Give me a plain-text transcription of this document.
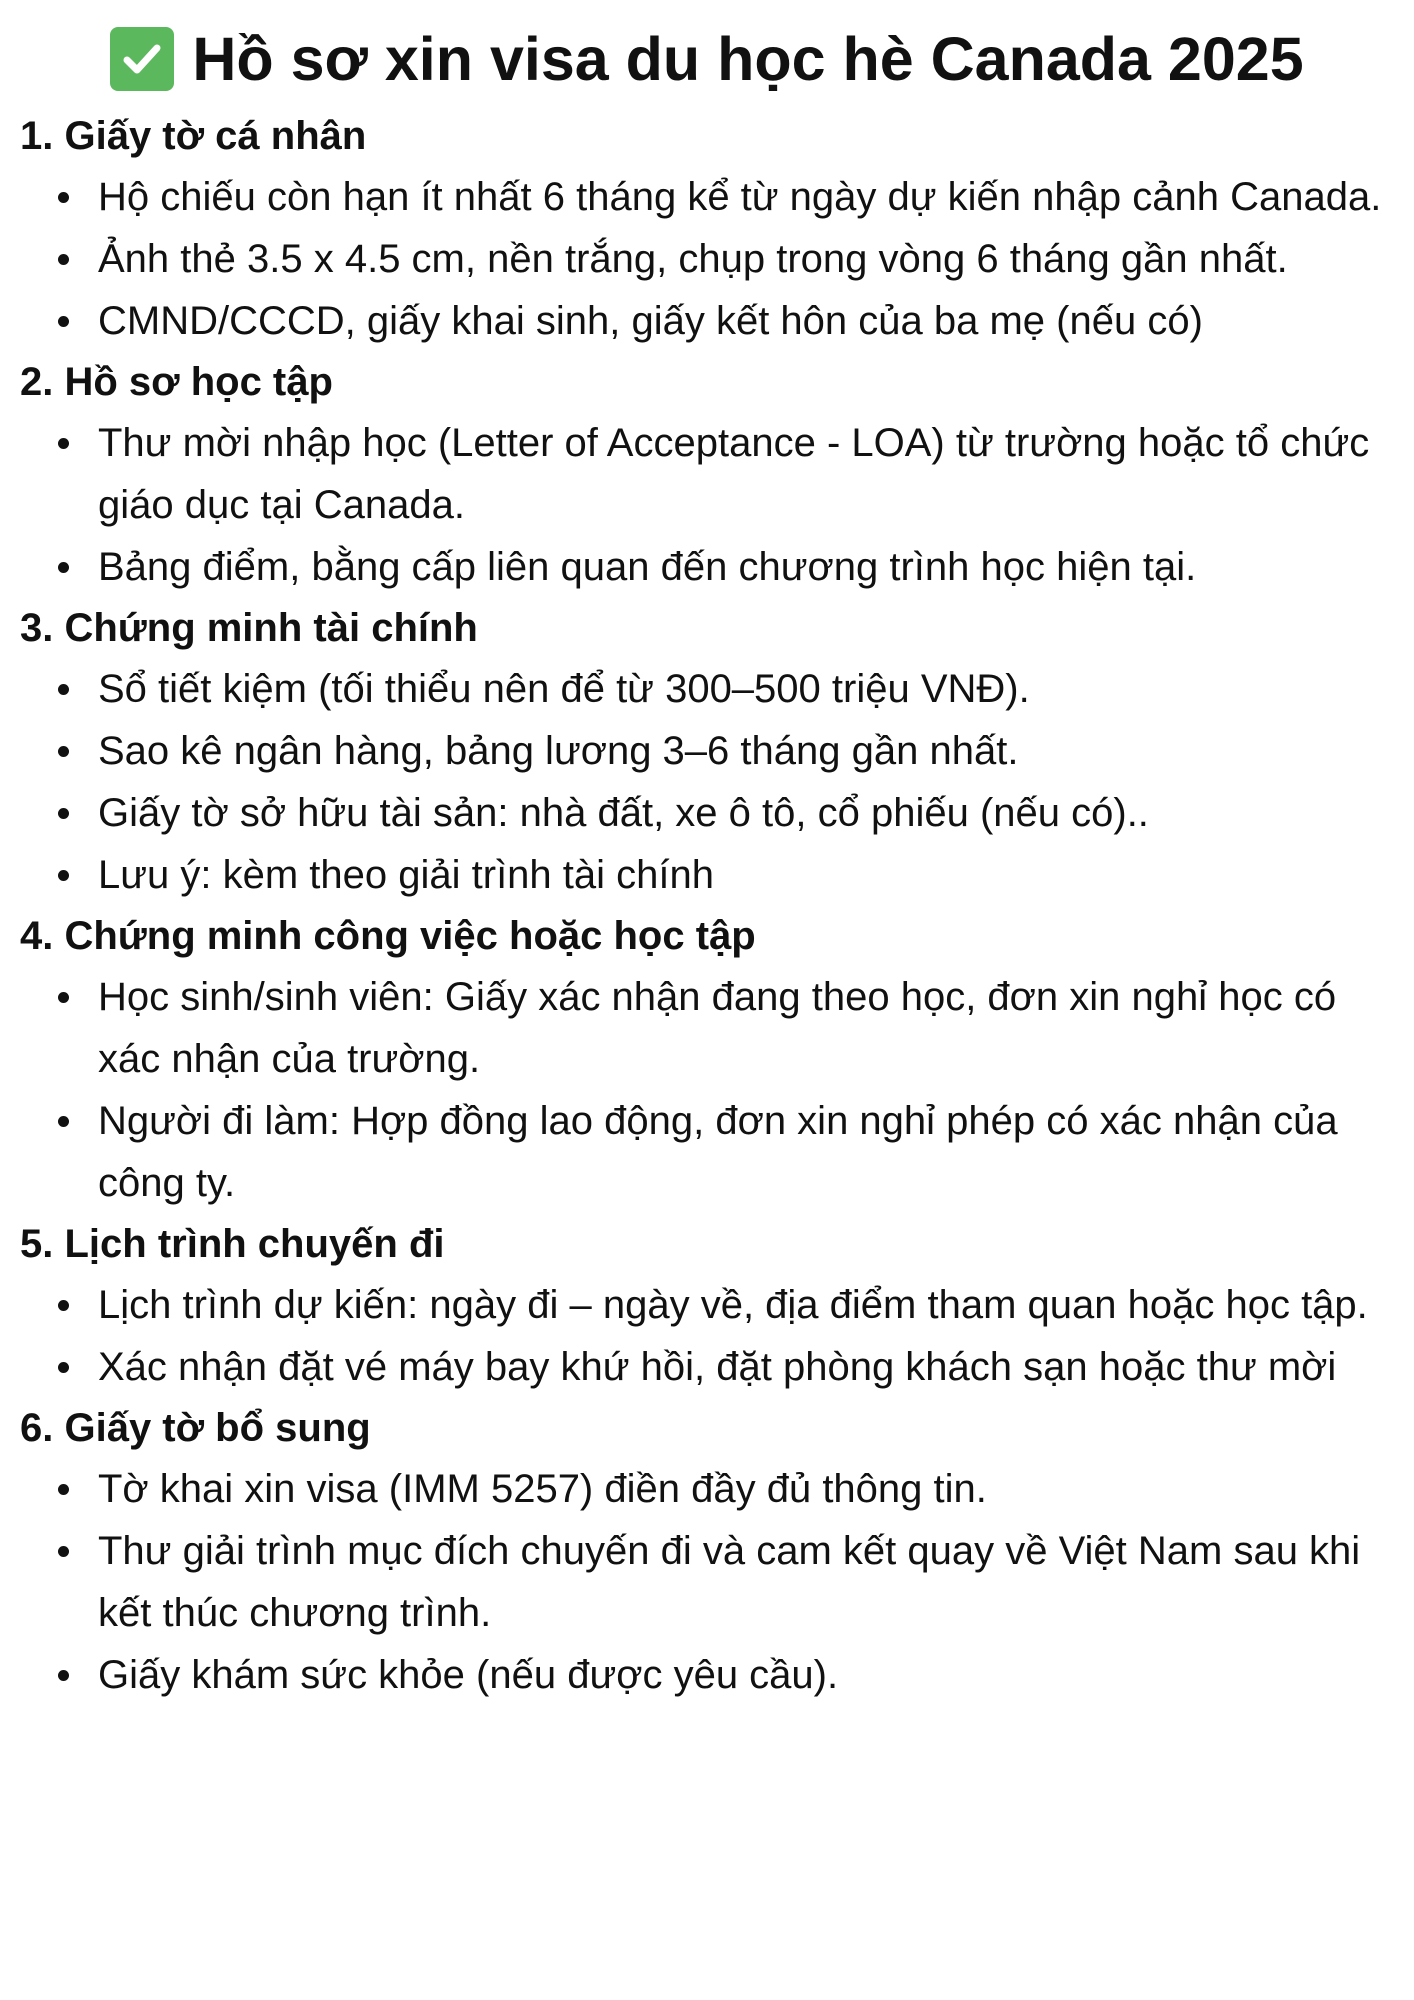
Hồ sơ xin visa du học hè Canada 2025
1. Giấy tờ cá nhân
Hộ chiếu còn hạn ít nhất 6 tháng kể từ ngày dự kiến nhập cảnh Canada.
Ảnh thẻ 3.5 x 4.5 cm, nền trắng, chụp trong vòng 6 tháng gần nhất.
CMND/CCCD, giấy khai sinh, giấy kết hôn của ba mẹ (nếu có)
2. Hồ sơ học tập
Thư mời nhập học (Letter of Acceptance - LOA) từ trường hoặc tổ chức giáo dục tại Canada.
Bảng điểm, bằng cấp liên quan đến chương trình học hiện tại.
3. Chứng minh tài chính
Sổ tiết kiệm (tối thiểu nên để từ 300–500 triệu VNĐ).
Sao kê ngân hàng, bảng lương 3–6 tháng gần nhất.
Giấy tờ sở hữu tài sản: nhà đất, xe ô tô, cổ phiếu (nếu có)..
Lưu ý: kèm theo giải trình tài chính
4. Chứng minh công việc hoặc học tập
Học sinh/sinh viên: Giấy xác nhận đang theo học, đơn xin nghỉ học có xác nhận của trường.
Người đi làm: Hợp đồng lao động, đơn xin nghỉ phép có xác nhận của công ty.
5. Lịch trình chuyến đi
Lịch trình dự kiến: ngày đi – ngày về, địa điểm tham quan hoặc học tập.
Xác nhận đặt vé máy bay khứ hồi, đặt phòng khách sạn hoặc thư mời
6. Giấy tờ bổ sung
Tờ khai xin visa (IMM 5257) điền đầy đủ thông tin.
Thư giải trình mục đích chuyến đi và cam kết quay về Việt Nam sau khi kết thúc chương trình.
Giấy khám sức khỏe (nếu được yêu cầu).
